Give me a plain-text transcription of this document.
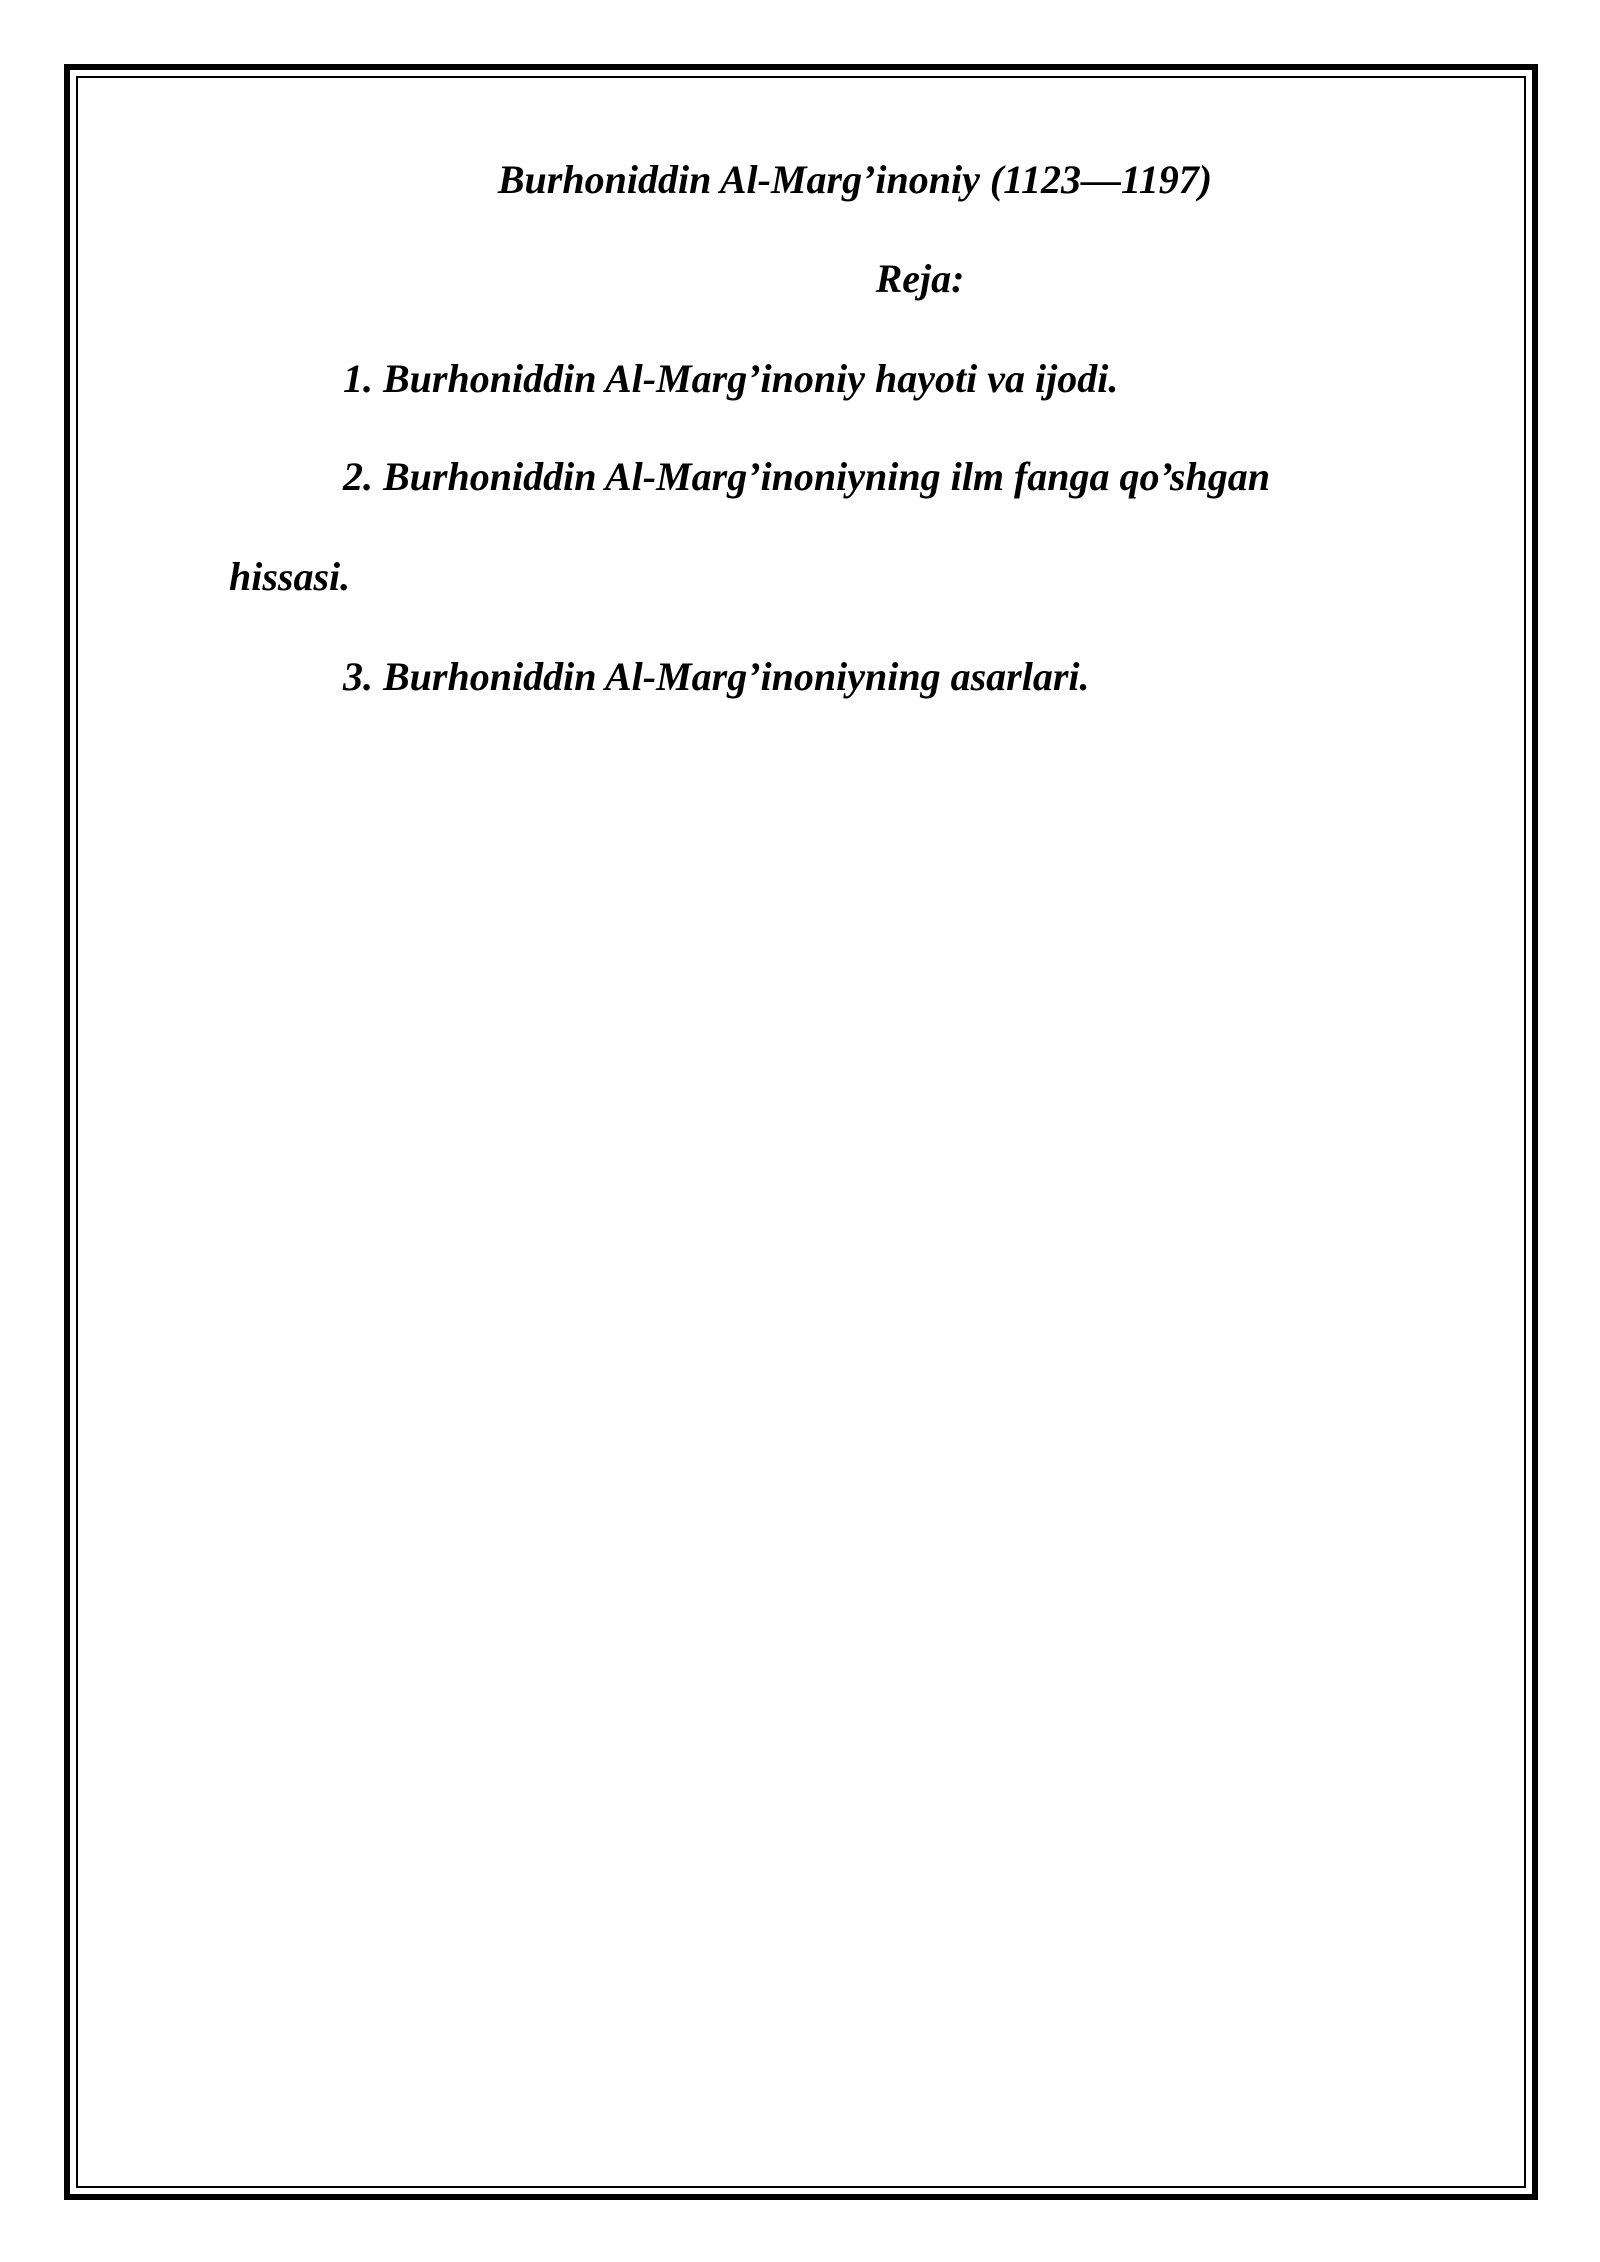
Burhoniddin Al-Marg’inoniy (1123—1197)

Reja:

1. Burhoniddin Al-Marg’inoniy hayoti va ijodi.

2. Burhoniddin Al-Marg’inoniyning ilm fanga qo’shgan

hissasi.

3. Burhoniddin Al-Marg’inoniyning asarlari.
